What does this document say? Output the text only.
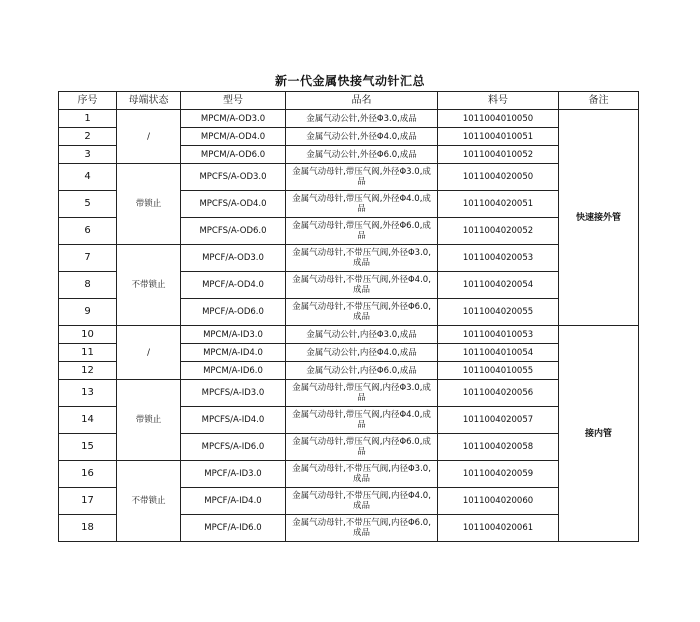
新一代金属快接气动针汇总
序号	母端状态	型号	品名	料号	备注
1	/	MPCM/A-OD3.0	金属气动公针,外径Φ3.0,成品	1011004010050	快速接外管
2		MPCM/A-OD4.0	金属气动公针,外径Φ4.0,成品	1011004010051	
3		MPCM/A-OD6.0	金属气动公针,外径Φ6.0,成品	1011004010052	
4	带锁止	MPCFS/A-OD3.0	金属气动母针,带压气阀,外径Φ3.0,成品	1011004020050	
5		MPCFS/A-OD4.0	金属气动母针,带压气阀,外径Φ4.0,成品	1011004020051	
6		MPCFS/A-OD6.0	金属气动母针,带压气阀,外径Φ6.0,成品	1011004020052	
7	不带锁止	MPCF/A-OD3.0	金属气动母针,不带压气阀,外径Φ3.0,成品	1011004020053	
8		MPCF/A-OD4.0	金属气动母针,不带压气阀,外径Φ4.0,成品	1011004020054	
9		MPCF/A-OD6.0	金属气动母针,不带压气阀,外径Φ6.0,成品	1011004020055	
10	/	MPCM/A-ID3.0	金属气动公针,内径Φ3.0,成品	1011004010053	接内管
11		MPCM/A-ID4.0	金属气动公针,内径Φ4.0,成品	1011004010054	
12		MPCM/A-ID6.0	金属气动公针,内径Φ6.0,成品	1011004010055	
13	带锁止	MPCFS/A-ID3.0	金属气动母针,带压气阀,内径Φ3.0,成品	1011004020056	
14		MPCFS/A-ID4.0	金属气动母针,带压气阀,内径Φ4.0,成品	1011004020057	
15		MPCFS/A-ID6.0	金属气动母针,带压气阀,内径Φ6.0,成品	1011004020058	
16	不带锁止	MPCF/A-ID3.0	金属气动母针,不带压气阀,内径Φ3.0,成品	1011004020059	
17		MPCF/A-ID4.0	金属气动母针,不带压气阀,内径Φ4.0,成品	1011004020060	
18		MPCF/A-ID6.0	金属气动母针,不带压气阀,内径Φ6.0,成品	1011004020061	
